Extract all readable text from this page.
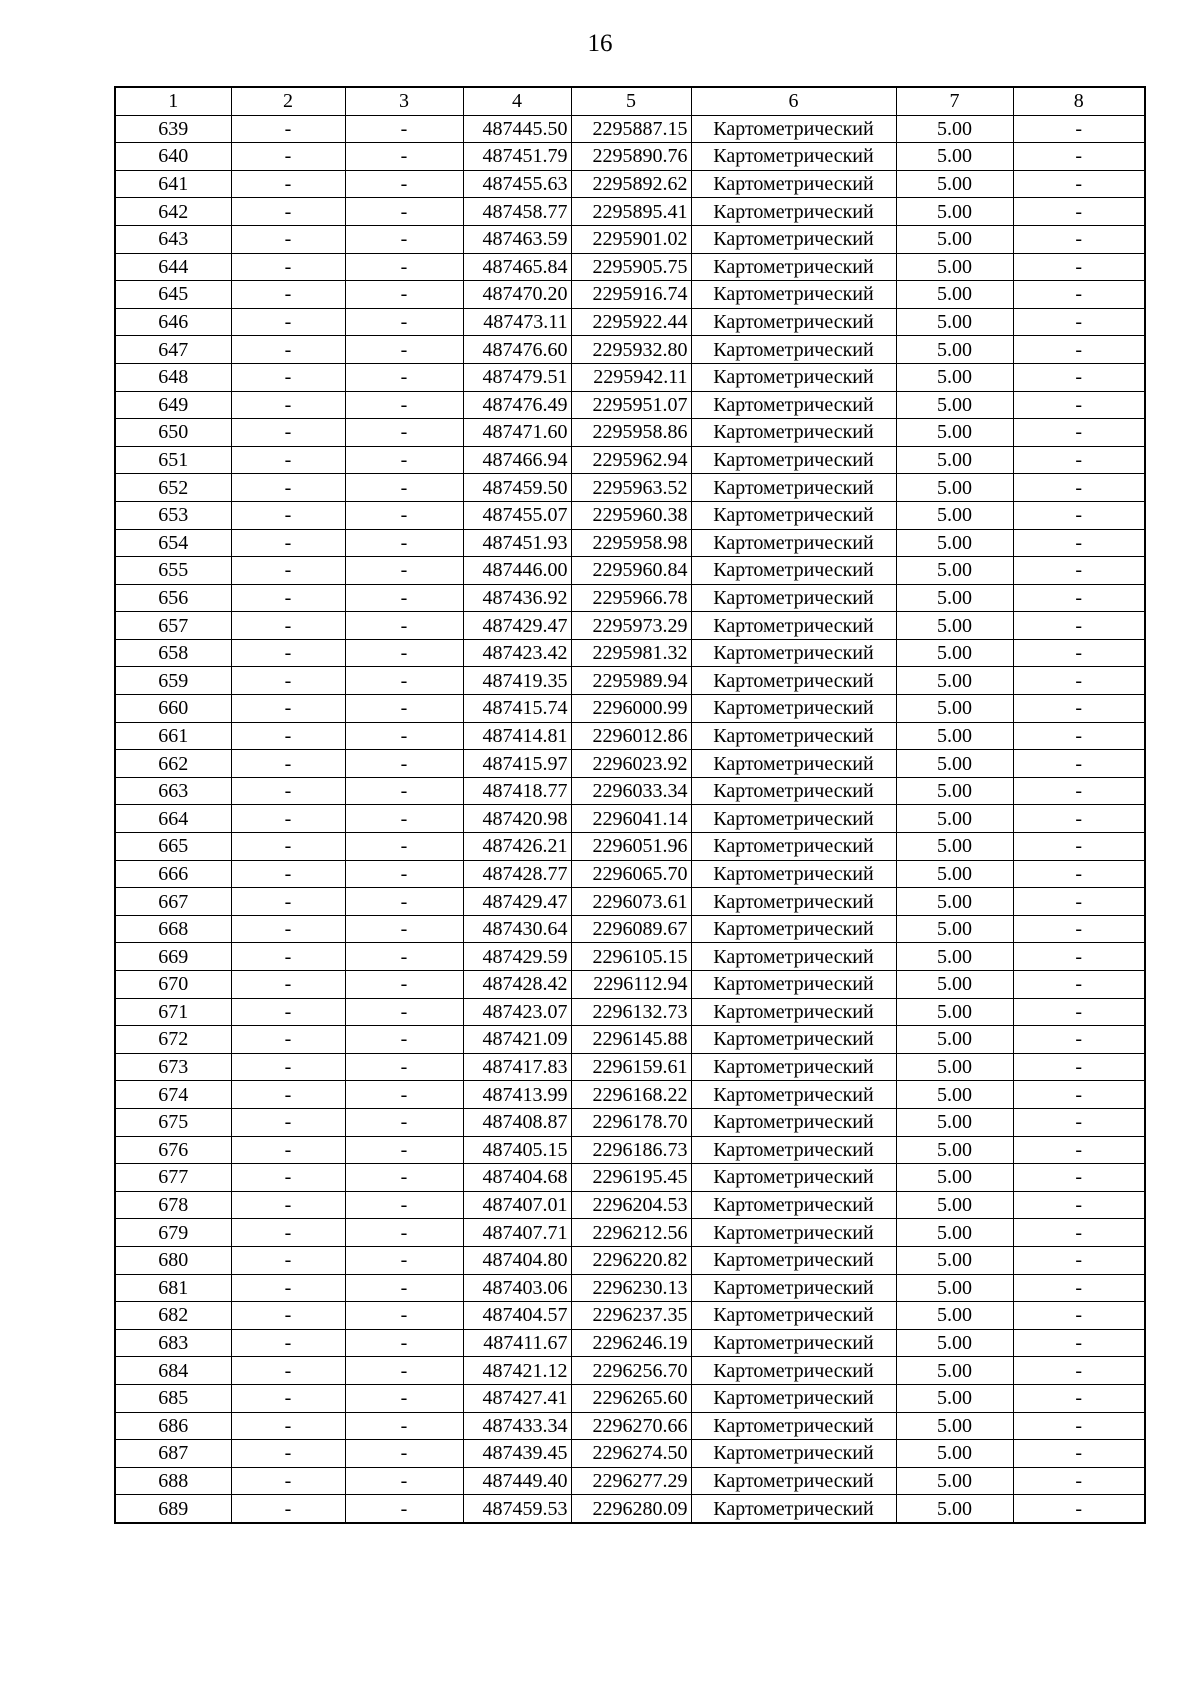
16
1	2	3	4	5	6	7	8
639	-	-	487445.50	2295887.15	Картометрический	5.00	-
640	-	-	487451.79	2295890.76	Картометрический	5.00	-
641	-	-	487455.63	2295892.62	Картометрический	5.00	-
642	-	-	487458.77	2295895.41	Картометрический	5.00	-
643	-	-	487463.59	2295901.02	Картометрический	5.00	-
644	-	-	487465.84	2295905.75	Картометрический	5.00	-
645	-	-	487470.20	2295916.74	Картометрический	5.00	-
646	-	-	487473.11	2295922.44	Картометрический	5.00	-
647	-	-	487476.60	2295932.80	Картометрический	5.00	-
648	-	-	487479.51	2295942.11	Картометрический	5.00	-
649	-	-	487476.49	2295951.07	Картометрический	5.00	-
650	-	-	487471.60	2295958.86	Картометрический	5.00	-
651	-	-	487466.94	2295962.94	Картометрический	5.00	-
652	-	-	487459.50	2295963.52	Картометрический	5.00	-
653	-	-	487455.07	2295960.38	Картометрический	5.00	-
654	-	-	487451.93	2295958.98	Картометрический	5.00	-
655	-	-	487446.00	2295960.84	Картометрический	5.00	-
656	-	-	487436.92	2295966.78	Картометрический	5.00	-
657	-	-	487429.47	2295973.29	Картометрический	5.00	-
658	-	-	487423.42	2295981.32	Картометрический	5.00	-
659	-	-	487419.35	2295989.94	Картометрический	5.00	-
660	-	-	487415.74	2296000.99	Картометрический	5.00	-
661	-	-	487414.81	2296012.86	Картометрический	5.00	-
662	-	-	487415.97	2296023.92	Картометрический	5.00	-
663	-	-	487418.77	2296033.34	Картометрический	5.00	-
664	-	-	487420.98	2296041.14	Картометрический	5.00	-
665	-	-	487426.21	2296051.96	Картометрический	5.00	-
666	-	-	487428.77	2296065.70	Картометрический	5.00	-
667	-	-	487429.47	2296073.61	Картометрический	5.00	-
668	-	-	487430.64	2296089.67	Картометрический	5.00	-
669	-	-	487429.59	2296105.15	Картометрический	5.00	-
670	-	-	487428.42	2296112.94	Картометрический	5.00	-
671	-	-	487423.07	2296132.73	Картометрический	5.00	-
672	-	-	487421.09	2296145.88	Картометрический	5.00	-
673	-	-	487417.83	2296159.61	Картометрический	5.00	-
674	-	-	487413.99	2296168.22	Картометрический	5.00	-
675	-	-	487408.87	2296178.70	Картометрический	5.00	-
676	-	-	487405.15	2296186.73	Картометрический	5.00	-
677	-	-	487404.68	2296195.45	Картометрический	5.00	-
678	-	-	487407.01	2296204.53	Картометрический	5.00	-
679	-	-	487407.71	2296212.56	Картометрический	5.00	-
680	-	-	487404.80	2296220.82	Картометрический	5.00	-
681	-	-	487403.06	2296230.13	Картометрический	5.00	-
682	-	-	487404.57	2296237.35	Картометрический	5.00	-
683	-	-	487411.67	2296246.19	Картометрический	5.00	-
684	-	-	487421.12	2296256.70	Картометрический	5.00	-
685	-	-	487427.41	2296265.60	Картометрический	5.00	-
686	-	-	487433.34	2296270.66	Картометрический	5.00	-
687	-	-	487439.45	2296274.50	Картометрический	5.00	-
688	-	-	487449.40	2296277.29	Картометрический	5.00	-
689	-	-	487459.53	2296280.09	Картометрический	5.00	-
